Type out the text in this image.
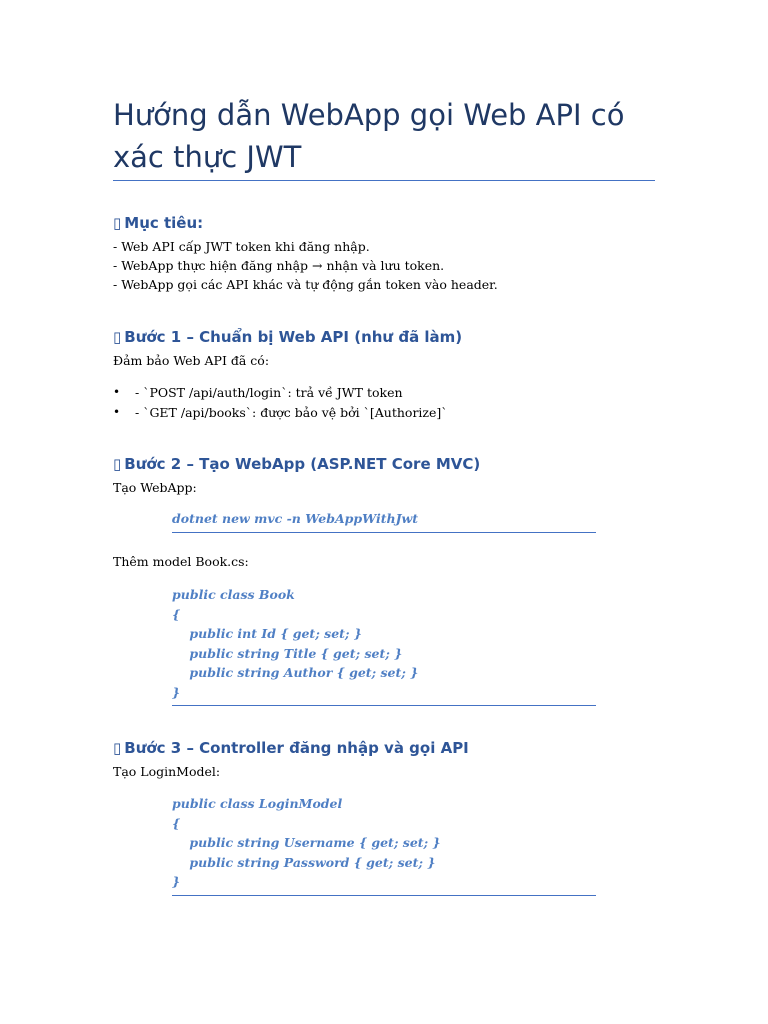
Hướng dẫn WebApp gọi Web API có xác thực JWT
▯ Mục tiêu:

- Web API cấp JWT token khi đăng nhập.

- WebApp thực hiện đăng nhập → nhận và lưu token.

- WebApp gọi các API khác và tự động gắn token vào header.

▯ Bước 1 – Chuẩn bị Web API (như đã làm)

Đảm bảo Web API đã có:

• - `POST /api/auth/login`: trả về JWT token
• - `GET /api/books`: được bảo vệ bởi `[Authorize]`
▯ Bước 2 – Tạo WebApp (ASP.NET Core MVC)

Tạo WebApp:

dotnet new mvc -n WebAppWithJwt

Thêm model Book.cs:

public class Book
{
public int Id { get; set; }
public string Title { get; set; }
public string Author { get; set; }
}
▯ Bước 3 – Controller đăng nhập và gọi API

Tạo LoginModel:

public class LoginModel
{
public string Username { get; set; }
public string Password { get; set; }
}
